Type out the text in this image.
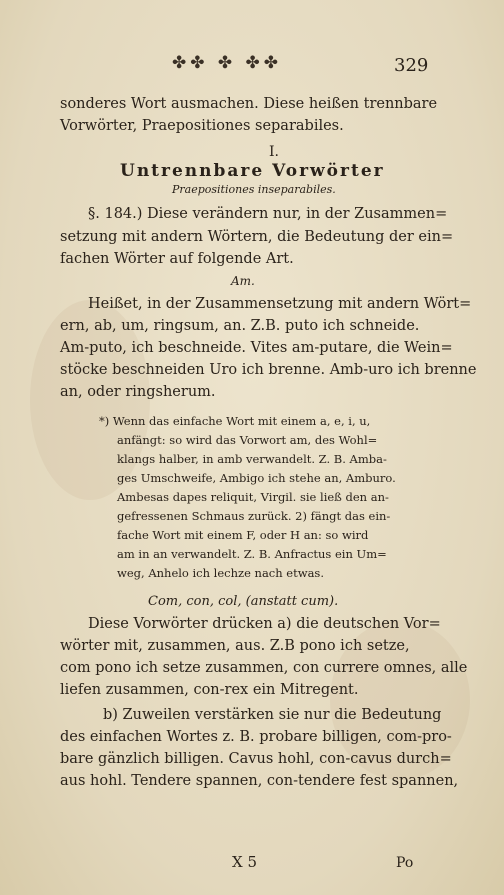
✤✤ ✤ ✤✤	329
sonderes Wort ausmachen. Diese heißen trennbare
Vorwörter, Praepositiones separabiles.
I.
Untrennbare Vorwörter
Praepositiones inseparabiles.
§. 184.) Diese verändern nur, in der Zusammen=
setzung mit andern Wörtern, die Bedeutung der ein=
fachen Wörter auf folgende Art.
Am.
Heißet, in der Zusammensetzung mit andern Wört=
ern, ab, um, ringsum, an. Z.B. puto ich schneide.
Am-puto, ich beschneide. Vites am-putare, die Wein=
stöcke beschneiden Uro ich brenne. Amb-uro ich brenne
an, oder ringsherum.
*) Wenn das einfache Wort mit einem a, e, i, u,
anfängt: so wird das Vorwort am, des Wohl=
klangs halber, in amb verwandelt. Z. B. Amba-
ges Umschweife, Ambigo ich stehe an, Amburo.
Ambesas dapes reliquit, Virgil. sie ließ den an-
gefressenen Schmaus zurück. 2) fängt das ein-
fache Wort mit einem F, oder H an: so wird
am in an verwandelt. Z. B. Anfractus ein Um=
weg, Anhelo ich lechze nach etwas.
Com, con, col, (anstatt cum).
Diese Vorwörter drücken a) die deutschen Vor=
wörter mit, zusammen, aus. Z.B pono ich setze,
com pono ich setze zusammen, con currere omnes, alle
liefen zusammen, con-rex ein Mitregent.
b) Zuweilen verstärken sie nur die Bedeutung
des einfachen Wortes z. B. probare billigen, com-pro-
bare gänzlich billigen. Cavus hohl, con-cavus durch=
aus hohl. Tendere spannen, con-tendere fest spannen,
X 5	Po
